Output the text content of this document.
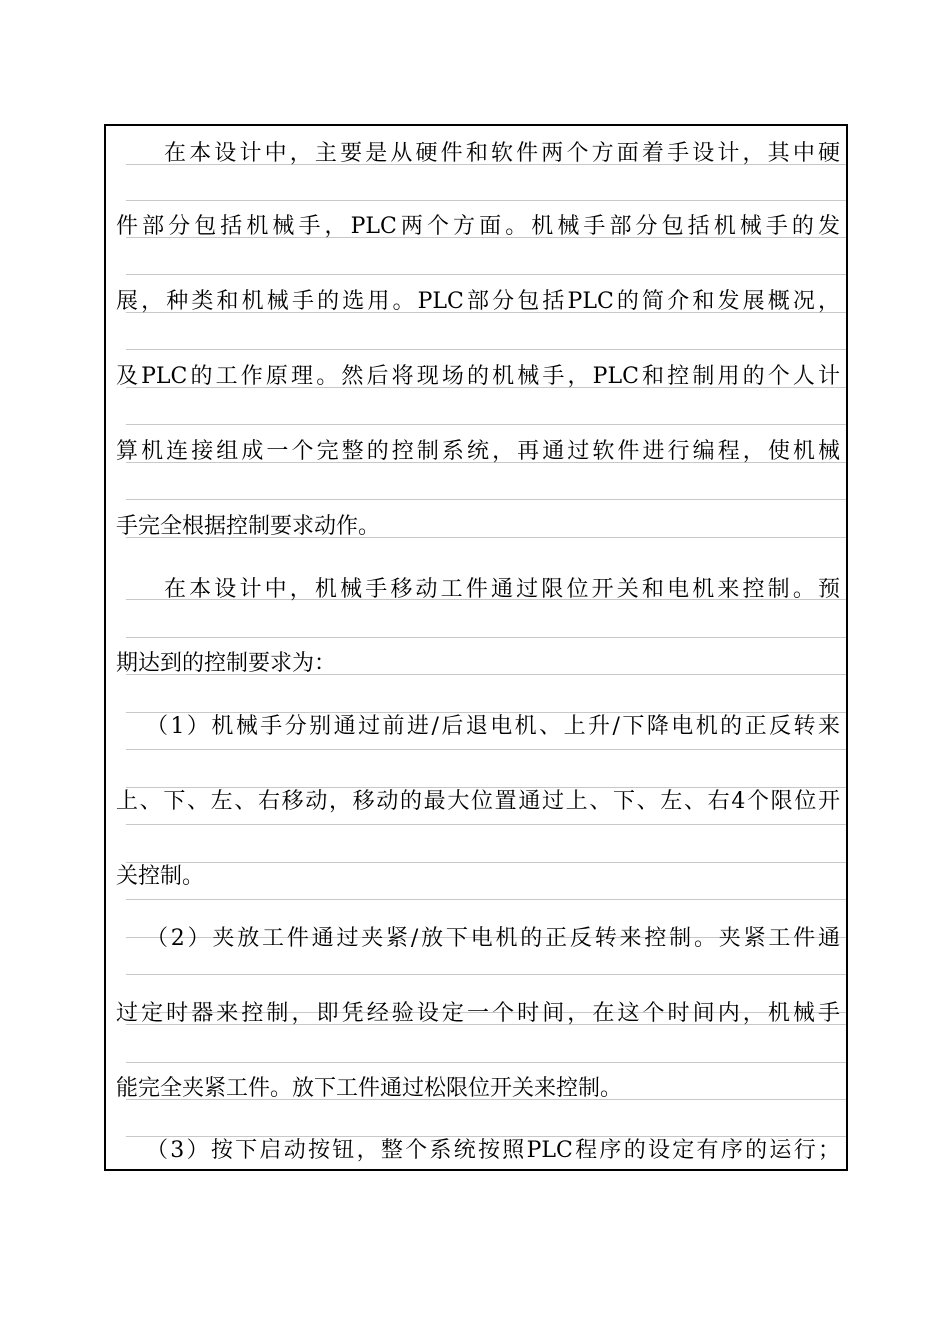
在本设计中，主要是从硬件和软件两个方面着手设计，其中硬
件部分包括机械手，PLC两个方面。机械手部分包括机械手的发
展，种类和机械手的选用。PLC部分包括PLC的简介和发展概况，
及PLC的工作原理。然后将现场的机械手，PLC和控制用的个人计
算机连接组成一个完整的控制系统，再通过软件进行编程，使机械
手完全根据控制要求动作。
在本设计中，机械手移动工件通过限位开关和电机来控制。预
期达到的控制要求为：
（1）机械手分别通过前进/后退电机、上升/下降电机的正反转来
上、下、左、右移动，移动的最大位置通过上、下、左、右4个限位开
关控制。
（2）夹放工件通过夹紧/放下电机的正反转来控制。夹紧工件通
过定时器来控制，即凭经验设定一个时间，在这个时间内，机械手
能完全夹紧工件。放下工件通过松限位开关来控制。
（3）按下启动按钮，整个系统按照PLC程序的设定有序的运行；
